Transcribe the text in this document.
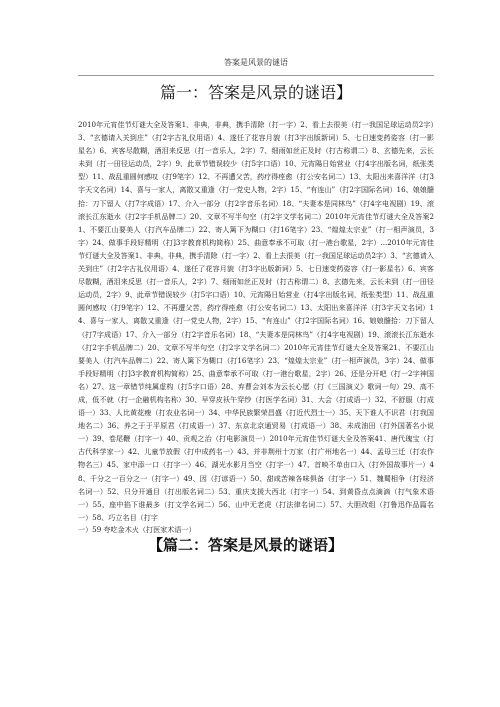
答案是风景的谜语

篇一：答案是风景的谜语】

2010年元宵佳节灯谜大全及答案1、非典，非典，携手清除（打一字）2、看上去很美（打一我国足球运动员2字）3、“玄德请入关到庄”（打2字古礼仪用语）4、遂任了花容月貌（打3字出版新词）5、七日速变药姿容（打一影星名）6、宾客尽散糊，酒泪来反思（打一音乐人，2字）7、细雨如丝正及时（打古称谓二）8、玄德先来，云长未到（打一田径运动员，2字）9、此章节错误较少（打5字口语）10、元宵陽日始营业（打4字出版名词，纸张类型）11、战乱重圆何感叹（打9笔字）12、不再遭父苦，药疗得痊愈（打公安名词二）13、太阳出来喜洋洋（打3字天文名词）14、喜与一家人，离散又重逢（打一党史人物，2字）15、“有连山”（打2字国际名词）16、娘娘髓拾：刀下留人（打7字成语）17、介入一部分（打2字音乐名词）18、“夫妻本是同林鸟”（打4字电视剧）19、滚滚长江东逝水（打2字手机品牌二）20、文章不写半句空（打2字文学名词二）2010年元宵佳节灯谜大全及答案21、不要江山要美人（打汽车品牌二）22、寄人篱下为糊口（打16笔字）23、“煌煌太宗业”（打一相声演员，3字）24、做事手段好精明（打]3字教育机构简称）25、曲意奉承不可取（打一港台歌星，2字）...2010年元宵佳节灯谜大全及答案1、非典，非典，携手清除（打一字）2、看上去很美（打一我国足球运动员2字）3、“玄德请入关到庄”（打2字古礼仪用语）4、遂任了花容月貌（打3字出版新词）5、七日速变药姿容（打一影星名）6、宾客尽散糊，酒泪来反思（打一音乐人，2字）7、细雨如丝正及时（打古称谓二）8、玄德先来，云长未到（打一田径运动员，2字）9、此章节错误较少（打5字口语）10、元宵陽日始营业（打4字出版名词，纸张类型）11、战乱重圆何感叹（打9笔字）12、不再遭父苦，药疗得痊愈（打公安名词二）13、太阳出来喜洋洋（打3字天文名词）14、喜与一家人，离散又重逢（打一党史人物，2字）15、“有连山”（打2字国际名词）16、娘娘髓拾：刀下留人（打7字成语）17、介入一部分（打2字音乐名词）18、“夫妻本是同林鸟”（打4字电视剧）19、滚滚长江东逝水（打2字手机品牌二）20、文章不写半句空（打2字文学名词二）2010年元宵佳节灯谜大全及答案21、不要江山要美人（打汽车品牌二）22、寄人篱下为糊口（打16笔字）23、“煌煌太宗业”（打一相声演员，3字）24、做事手段好精明（打]3字教育机构简称）25、曲意奉承不可取（打一港台歌星，2字）26、还是分开吧（打一2字神国名）27、这一章错节纯属虚构（打5字口语）28、弃曹会刘本为云长心愿（打《三国演义》歌词一句）29、高不成，低不就（打一企融机构名称）30、早穿皮袄午穿纱（打医学名词）31、大会（打成语一）32、不舒服（打成语一）33、人比黄花瘦（打农业名词一）34、中华民族繁荣昌盛（打近代烈士一）35、天下谁人不识君（打我国地名二）36、养之于于平原君（打成语一）37、东京北京通贸易（打成语一）38、未成油田（打外国著名小说一）39、卷尾鞭（打字一）40、贡观之治（打电影演员一）2010年元宵佳节灯谜大全及答案41、唐代瑰宝（打古代科学家一）42、儿童节放假（打中成药名一）43、并非荆州十万家（打广州地名一）44、孟母三迁（打农作物名三）45、家中添一口（打字一）46、湖光水影月当空（打字一）47、首映不单由口入（打外国故事片一）48、千分之一百分之一（打字一）49、因（打谚语一）50、甜咸苦辣各味俱备（打字一）51、魏蜀相争（打经济名词一）52、只分开通目（打出版名词二）53、重庆支援大西北（打字一）54、到黄昏点点滴滴（打气象术语一）55、座中掐下谁最多（打文学名词二）56、山中无老虎（打法律名词二）57、大胆改组（打鲁迅作品篇名一）58、巧立名目（打字

一）59 夸吃金木火（打医家术语一）

【篇二：答案是风景的谜语】
